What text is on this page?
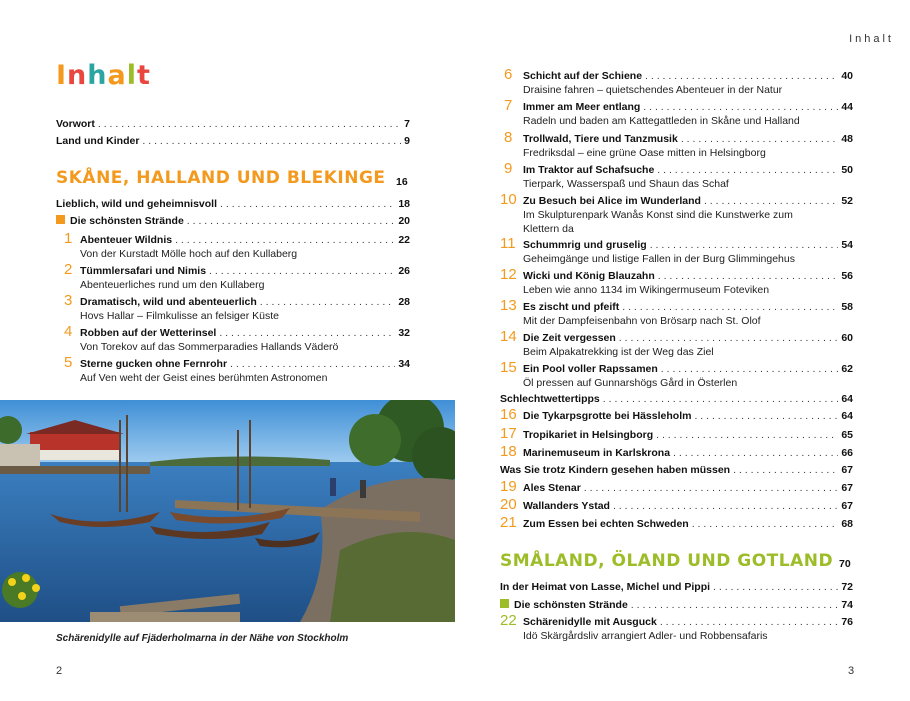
Inhalt
Vorwort . . .	7
Land und Kinder . . .	9
SKÅNE, HALLAND UND BLEKINGE 16
Lieblich, wild und geheimnisvoll . . .	18
Die schönsten Strände . . .	20
1 Abenteuer Wildnis . . .	22
Von der Kurstadt Mölle hoch auf den Kullaberg
2 Tümmlersafari und Nimis . . .	26
Abenteuerliches rund um den Kullaberg
3 Dramatisch, wild und abenteuerlich . . .	28
Hovs Hallar – Filmkulisse an felsiger Küste
4 Robben auf der Wetterinsel . . .	32
Von Torekov auf das Sommerparadies Hallands Väderö
5 Sterne gucken ohne Fernrohr . . .	34
Auf Ven weht der Geist eines berühmten Astronomen
Schärenidylle auf Fjäderholmarna in der Nähe von Stockholm
2
Inhalt
6 Schicht auf der Schiene . . .	40
Draisine fahren – quietschendes Abenteuer in der Natur
7 Immer am Meer entlang . . .	44
Radeln und baden am Kattegattleden in Skåne und Halland
8 Trollwald, Tiere und Tanzmusik . . .	48
Fredriksdal – eine grüne Oase mitten in Helsingborg
9 Im Traktor auf Schafsuche . . .	50
Tierpark, Wasserspaß und Shaun das Schaf
10 Zu Besuch bei Alice im Wunderland . . .	52
Im Skulpturenpark Wanås Konst sind die Kunstwerke zum
Klettern da
11 Schummrig und gruselig . . .	54
Geheimgänge und listige Fallen in der Burg Glimmingehus
12 Wicki und König Blauzahn . . .	56
Leben wie anno 1134 im Wikingermuseum Foteviken
13 Es zischt und pfeift . . .	58
Mit der Dampfeisenbahn von Brösarp nach St. Olof
14 Die Zeit vergessen . . .	60
Beim Alpakatrekking ist der Weg das Ziel
15 Ein Pool voller Rapssamen . . .	62
Öl pressen auf Gunnarshögs Gård in Österlen
Schlechtwettertipps . . .	64
16 Die Tykarpsgrotte bei Hässleholm . . .	64
17 Tropikariet in Helsingborg . . .	65
18 Marinemuseum in Karlskrona . . .	66
Was Sie trotz Kindern gesehen haben müssen . . .	67
19 Ales Stenar . . .	67
20 Wallanders Ystad . . .	67
21 Zum Essen bei echten Schweden . . .	68
SMÅLAND, ÖLAND UND GOTLAND 70
In der Heimat von Lasse, Michel und Pippi . . .	72
Die schönsten Strände . . .	74
22 Schärenidylle mit Ausguck . . .	76
Idö Skärgårdsliv arrangiert Adler- und Robbensafaris
3
